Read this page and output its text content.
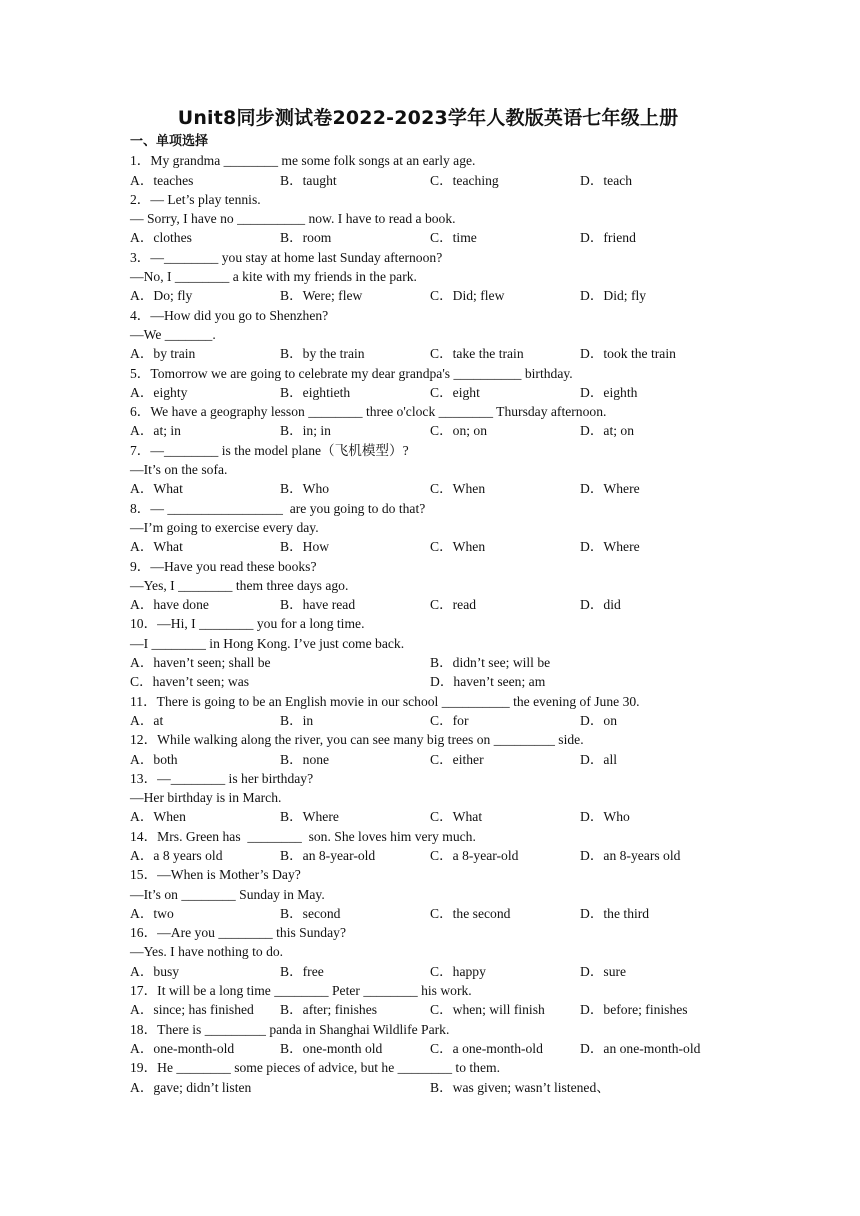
Unit8同步测试卷2022-2023学年人教版英语七年级上册
一、单项选择
1．My grandma ________ me some folk songs at an early age.
A．teaches	B．taught	C．teaching	D．teach
2．— Let’s play tennis.
— Sorry, I have no __________ now. I have to read a book.
A．clothes	B．room	C．time	D．friend
3．—________ you stay at home last Sunday afternoon?
—No, I ________ a kite with my friends in the park.
A．Do; fly	B．Were; flew	C．Did; flew	D．Did; fly
4．—How did you go to Shenzhen?
—We _______.
A．by train	B．by the train	C．take the train	D．took the train
5．Tomorrow we are going to celebrate my dear grandpa's __________ birthday.
A．eighty	B．eightieth	C．eight	D．eighth
6．We have a geography lesson ________ three o'clock ________ Thursday afternoon.
A．at; in	B．in; in	C．on; on	D．at; on
7．—________ is the model plane（飞机模型）?
—It’s on the sofa.
A．What	B．Who	C．When	D．Where
8．— _________________  are you going to do that?
—I’m going to exercise every day.
A．What	B．How	C．When	D．Where
9．—Have you read these books?
—Yes, I ________ them three days ago.
A．have done	B．have read	C．read	D．did
10．—Hi, I ________ you for a long time.
—I ________ in Hong Kong. I’ve just come back.
A．haven’t seen; shall be	B．didn’t see; will be
C．haven’t seen; was	D．haven’t seen; am
11．There is going to be an English movie in our school __________ the evening of June 30.
A．at	B．in	C．for	D．on
12．While walking along the river, you can see many big trees on _________ side.
A．both	B．none	C．either	D．all
13．—________ is her birthday?
—Her birthday is in March.
A．When	B．Where	C．What	D．Who
14．Mrs. Green has  ________  son. She loves him very much.
A．a 8 years old	B．an 8-year-old	C．a 8-year-old	D．an 8-years old
15．—When is Mother’s Day?
—It’s on ________ Sunday in May.
A．two	B．second	C．the second	D．the third
16．—Are you ________ this Sunday?
—Yes. I have nothing to do.
A．busy	B．free	C．happy	D．sure
17．It will be a long time ________ Peter ________ his work.
A．since; has finished	B．after; finishes	C．when; will finish	D．before; finishes
18．There is _________ panda in Shanghai Wildlife Park.
A．one-month-old	B．one-month old	C．a one-month-old	D．an one-month-old
19．He ________ some pieces of advice, but he ________ to them.
A．gave; didn’t listen	B．was given; wasn’t listened、
